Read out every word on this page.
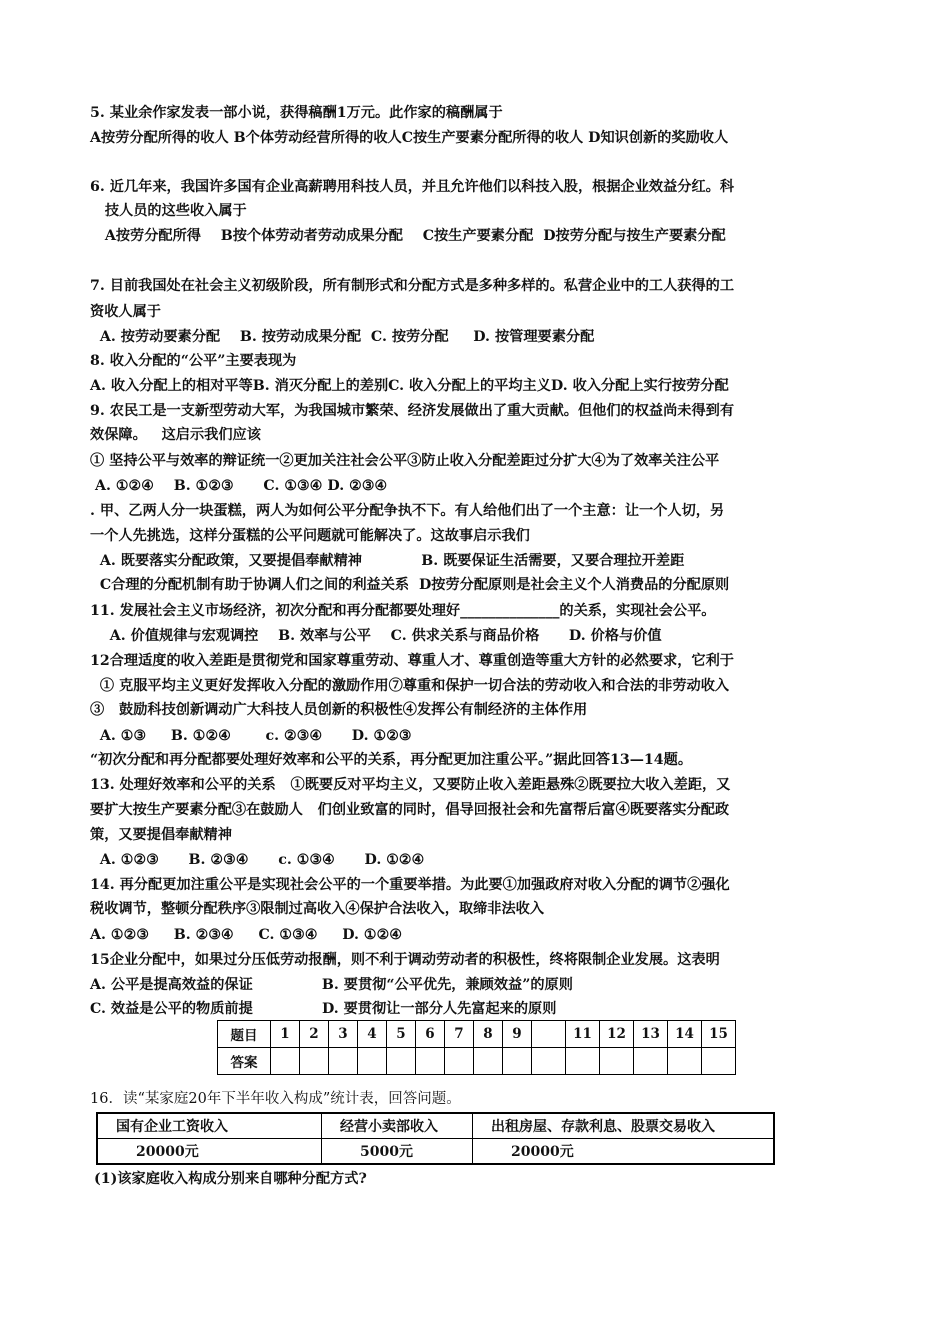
5. 某业余作家发表一部小说，获得稿酬1万元。此作家的稿酬属于
A按劳分配所得的收人 B个体劳动经营所得的收人C按生产要素分配所得的收人 D知识创新的奖励收人
6. 近几年来，我国许多国有企业高薪聘用科技人员，并且允许他们以科技入股，根据企业效益分红。科
技人员的这些收入属于
A按劳分配所得    B按个体劳动者劳动成果分配    C按生产要素分配  D按劳分配与按生产要素分配
7. 目前我国处在社会主义初级阶段，所有制形式和分配方式是多种多样的。私营企业中的工人获得的工
资收人属于
A. 按劳动要素分配    B. 按劳动成果分配  C. 按劳分配     D. 按管理要素分配
8. 收入分配的“公平”主要表现为
A. 收入分配上的相对平等B. 消灭分配上的差别C. 收入分配上的平均主义D. 收入分配上实行按劳分配
9. 农民工是一支新型劳动大军，为我国城市繁荣、经济发展做出了重大贡献。但他们的权益尚未得到有
效保障。   这启示我们应该
① 坚持公平与效率的辩证统一②更加关注社会公平③防止收入分配差距过分扩大④为了效率关注公平
A. ①②④    B. ①②③      C. ①③④ D. ②③④
. 甲、乙两人分一块蛋糕，两人为如何公平分配争执不下。有人给他们出了一个主意：让一个人切，另
一个人先挑选，这样分蛋糕的公平问题就可能解决了。这故事启示我们
A. 既要落实分配政策，又要提倡奉献精神            B. 既要保证生活需要，又要合理拉开差距
C合理的分配机制有助于协调人们之间的利益关系  D按劳分配原则是社会主义个人消费品的分配原则
11. 发展社会主义市场经济，初次分配和再分配都要处理好______________的关系，实现社会公平。
A. 价值规律与宏观调控    B. 效率与公平    C. 供求关系与商品价格      D. 价格与价值
12合理适度的收入差距是贯彻党和国家尊重劳动、尊重人才、尊重创造等重大方针的必然要求，它利于
① 克服平均主义更好发挥收入分配的激励作用⑦尊重和保护一切合法的劳动收入和合法的非劳动收入
③   鼓励科技创新调动广大科技人员创新的积极性④发挥公有制经济的主体作用
A. ①③     B. ①②④       c. ②③④      D. ①②③
“初次分配和再分配都要处理好效率和公平的关系，再分配更加注重公平。”据此回答13—14题。
13. 处理好效率和公平的关系   ①既要反对平均主义，又要防止收入差距悬殊②既要拉大收入差距，又
要扩大按生产要素分配③在鼓励人   们创业致富的同时，倡导回报社会和先富帮后富④既要落实分配政
策，又要提倡奉献精神
A. ①②③      B. ②③④      c. ①③④      D. ①②④
14. 再分配更加注重公平是实现社会公平的一个重要举措。为此要①加强政府对收入分配的调节②强化
税收调节，整顿分配秩序③限制过高收入④保护合法收入，取缔非法收入
A. ①②③     B. ②③④     C. ①③④     D. ①②④
15企业分配中，如果过分压低劳动报酬，则不利于调动劳动者的积极性，终将限制企业发展。这表明
A. 公平是提高效益的保证              B. 要贯彻“公平优先，兼顾效益”的原则
C. 效益是公平的物质前提              D. 要贯彻让一部分人先富起来的原则
题目	1	2	3	4	5	6	7	8	9		11	12	13	14	15
答案															
16．读“某家庭20年下半年收入构成”统计表，回答问题。
国有企业工资收入	经营小卖部收入	出租房屋、存款利息、股票交易收入
20000元	5000元	20000元
(1)该家庭收入构成分别来自哪种分配方式?
